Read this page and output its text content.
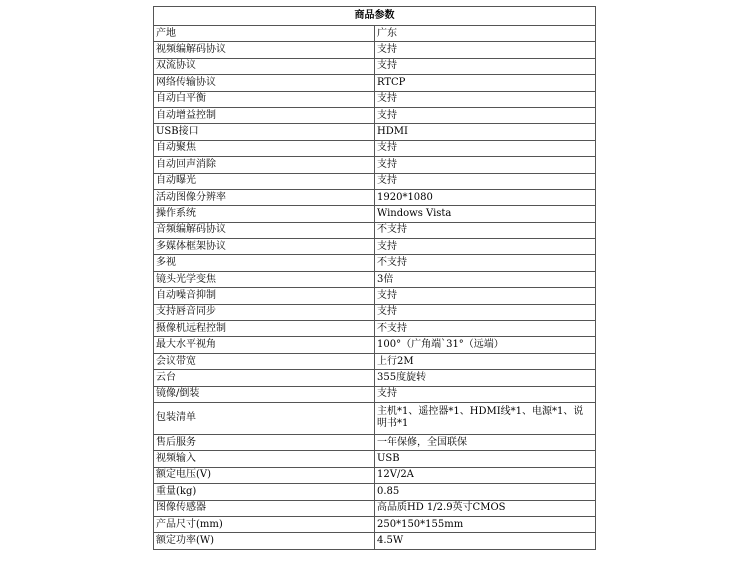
商品参数	
产地	广东
视频编解码协议	支持
双流协议	支持
网络传输协议	RTCP
自动白平衡	支持
自动增益控制	支持
USB接口	HDMI
自动聚焦	支持
自动回声消除	支持
自动曝光	支持
活动图像分辨率	1920*1080
操作系统	Windows Vista
音频编解码协议	不支持
多媒体框架协议	支持
多视	不支持
镜头光学变焦	3倍
自动噪音抑制	支持
支持唇音同步	支持
摄像机远程控制	不支持
最大水平视角	100°（广角端`31°（远端）
会议带宽	上行2M
云台	355度旋转
镜像/倒装	支持
包装清单	主机*1、遥控器*1、HDMI线*1、电源*1、说明书*1
售后服务	一年保修，全国联保
视频输入	USB
额定电压(V)	12V/2A
重量(kg)	0.85
图像传感器	高品质HD 1/2.9英寸CMOS
产品尺寸(mm)	250*150*155mm
额定功率(W)	4.5W
